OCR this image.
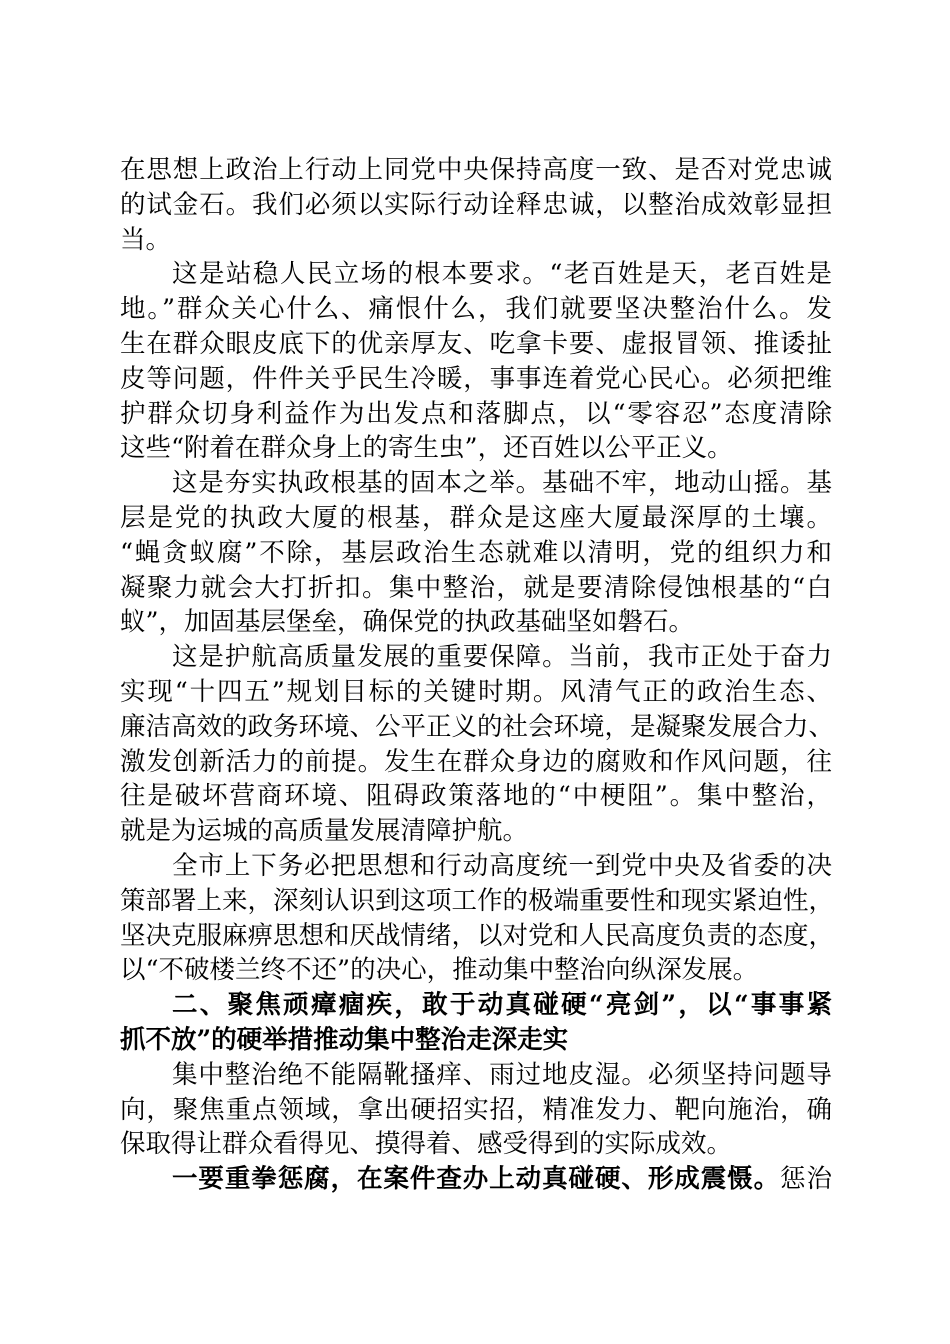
在思想上政治上行动上同党中央保持高度一致、是否对党忠诚
的试金石。我们必须以实际行动诠释忠诚，以整治成效彰显担
当。
这是站稳人民立场的根本要求。“老百姓是天，老百姓是
地。”群众关心什么、痛恨什么，我们就要坚决整治什么。发
生在群众眼皮底下的优亲厚友、吃拿卡要、虚报冒领、推诿扯
皮等问题，件件关乎民生冷暖，事事连着党心民心。必须把维
护群众切身利益作为出发点和落脚点，以“零容忍”态度清除
这些“附着在群众身上的寄生虫”，还百姓以公平正义。
这是夯实执政根基的固本之举。基础不牢，地动山摇。基
层是党的执政大厦的根基，群众是这座大厦最深厚的土壤。
“蝇贪蚁腐”不除，基层政治生态就难以清明，党的组织力和
凝聚力就会大打折扣。集中整治，就是要清除侵蚀根基的“白
蚁”，加固基层堡垒，确保党的执政基础坚如磐石。
这是护航高质量发展的重要保障。当前，我市正处于奋力
实现“十四五”规划目标的关键时期。风清气正的政治生态、
廉洁高效的政务环境、公平正义的社会环境，是凝聚发展合力、
激发创新活力的前提。发生在群众身边的腐败和作风问题，往
往是破坏营商环境、阻碍政策落地的“中梗阻”。集中整治，
就是为运城的高质量发展清障护航。
全市上下务必把思想和行动高度统一到党中央及省委的决
策部署上来，深刻认识到这项工作的极端重要性和现实紧迫性，
坚决克服麻痹思想和厌战情绪，以对党和人民高度负责的态度，
以“不破楼兰终不还”的决心，推动集中整治向纵深发展。
二、聚焦顽瘴痼疾，敢于动真碰硬“亮剑”，以“事事紧
抓不放”的硬举措推动集中整治走深走实
集中整治绝不能隔靴搔痒、雨过地皮湿。必须坚持问题导
向，聚焦重点领域，拿出硬招实招，精准发力、靶向施治，确
保取得让群众看得见、摸得着、感受得到的实际成效。
一要重拳惩腐，在案件查办上动真碰硬、形成震慑。惩治
